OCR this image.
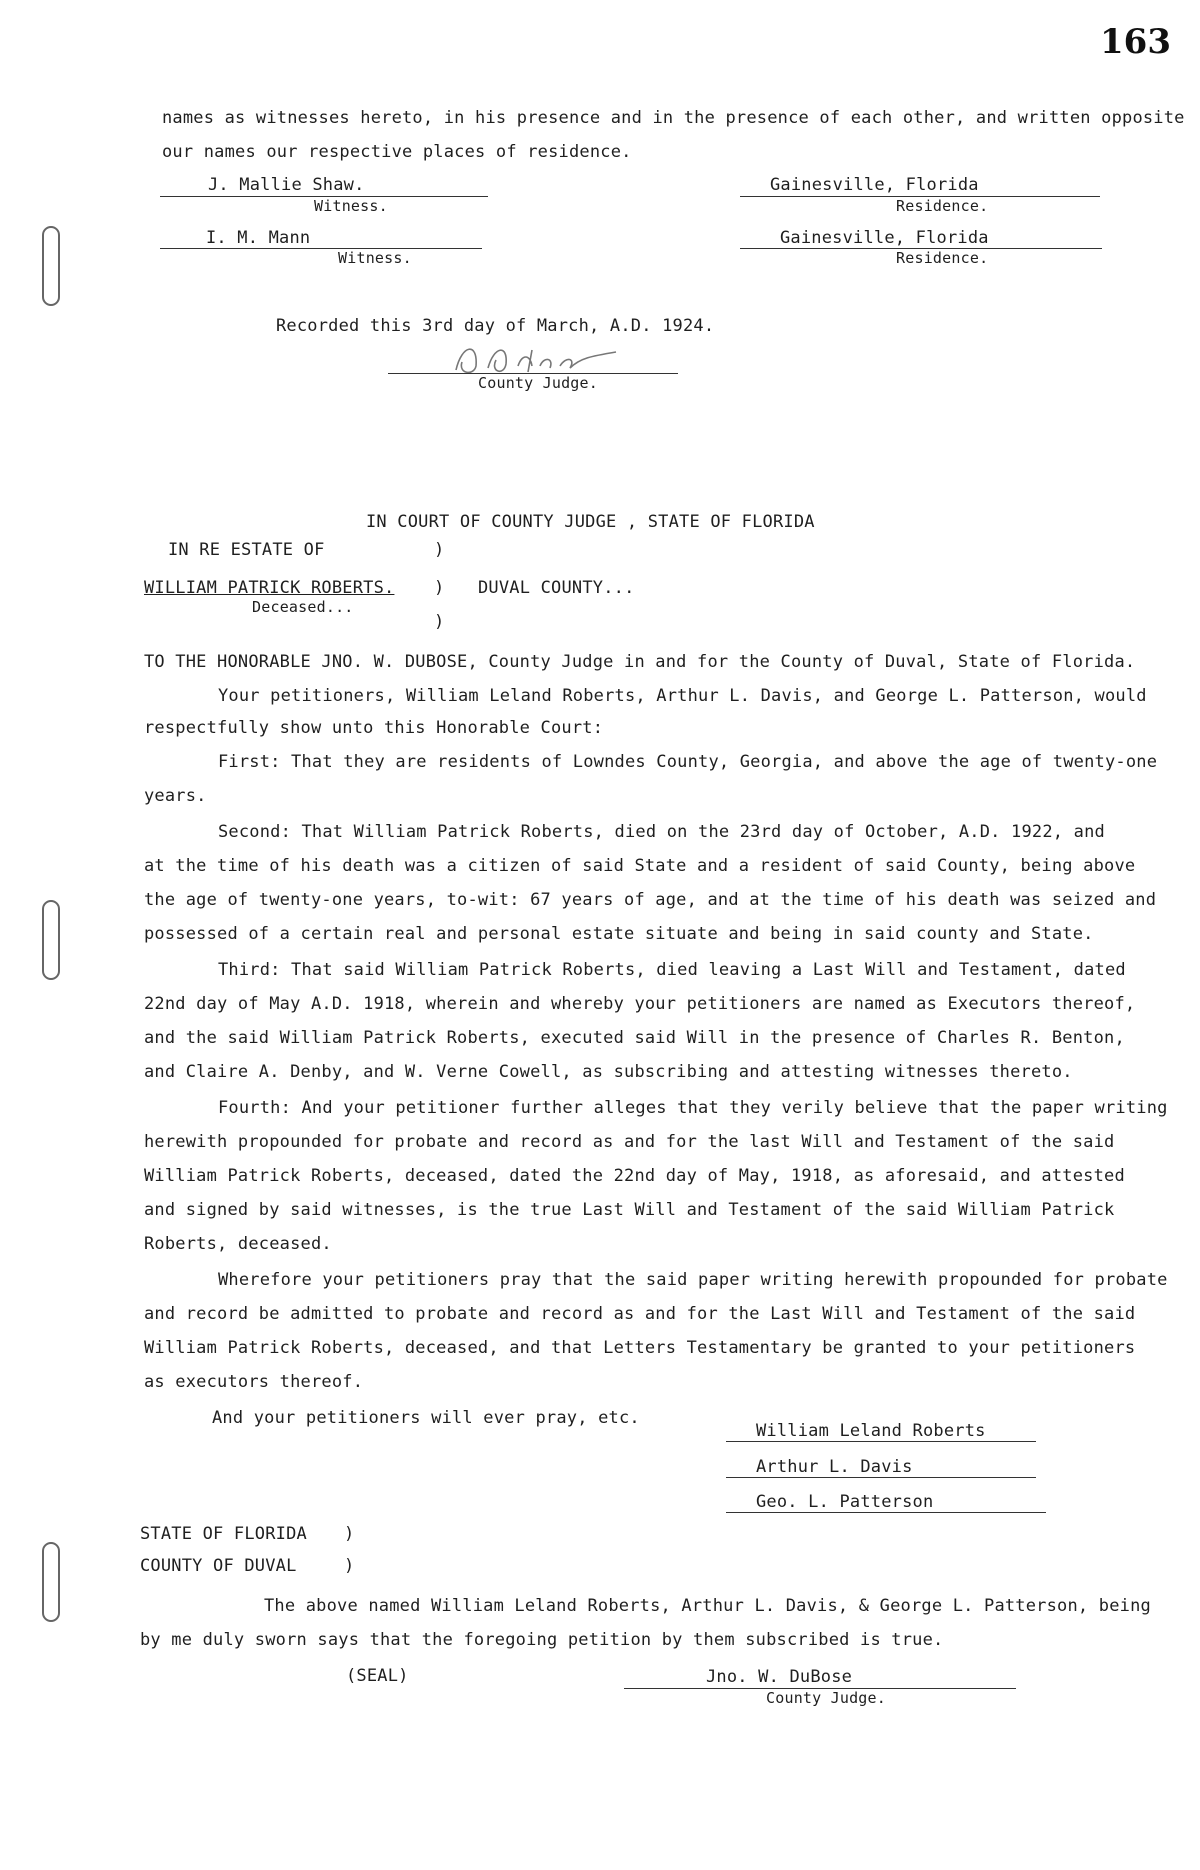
163
names as witnesses hereto, in his presence and in the presence of each other, and written opposite
our names our respective places of residence.
J. Mallie Shaw.
Witness.
Gainesville, Florida
Residence.
I. M. Mann
Witness.
Gainesville, Florida
Residence.
Recorded this 3rd day of March, A.D. 1924.
County Judge.
IN COURT OF COUNTY JUDGE , STATE OF FLORIDA
IN RE ESTATE OF
WILLIAM PATRICK ROBERTS.
Deceased...
)
)
)
DUVAL COUNTY...
TO THE HONORABLE JNO. W. DUBOSE, County Judge in and for the County of Duval, State of Florida.
Your petitioners, William Leland Roberts, Arthur L. Davis, and George L. Patterson, would
respectfully show unto this Honorable Court:
First: That they are residents of Lowndes County, Georgia, and above the age of twenty-one
years.
Second: That William Patrick Roberts, died on the 23rd day of October, A.D. 1922, and
at the time of his death was a citizen of said State and a resident of said County, being above
the age of twenty-one years, to-wit: 67 years of age, and at the time of his death was seized and
possessed of a certain real and personal estate situate and being in said county and State.
Third: That said William Patrick Roberts, died leaving a Last Will and Testament, dated
22nd day of May A.D. 1918, wherein and whereby your petitioners are named as Executors thereof,
and the said William Patrick Roberts, executed said Will in the presence of Charles R. Benton,
and Claire A. Denby, and W. Verne Cowell, as subscribing and attesting witnesses thereto.
Fourth: And your petitioner further alleges that they verily believe that the paper writing
herewith propounded for probate and record as and for the last Will and Testament of the said
William Patrick Roberts, deceased, dated the 22nd day of May, 1918, as aforesaid, and attested
and signed by said witnesses, is the true Last Will and Testament of the said William Patrick
Roberts, deceased.
Wherefore your petitioners pray that the said paper writing herewith propounded for probate
and record be admitted to probate and record as and for the Last Will and Testament of the said
William Patrick Roberts, deceased, and that Letters Testamentary be granted to your petitioners
as executors thereof.
And your petitioners will ever pray, etc.
William Leland Roberts
Arthur L. Davis
Geo. L. Patterson
STATE OF FLORIDA )
COUNTY OF DUVAL	)
The above named William Leland Roberts, Arthur L. Davis, & George L. Patterson, being
by me duly sworn says that the foregoing petition by them subscribed is true.
(SEAL)	Jno. W. DuBose
County Judge.
